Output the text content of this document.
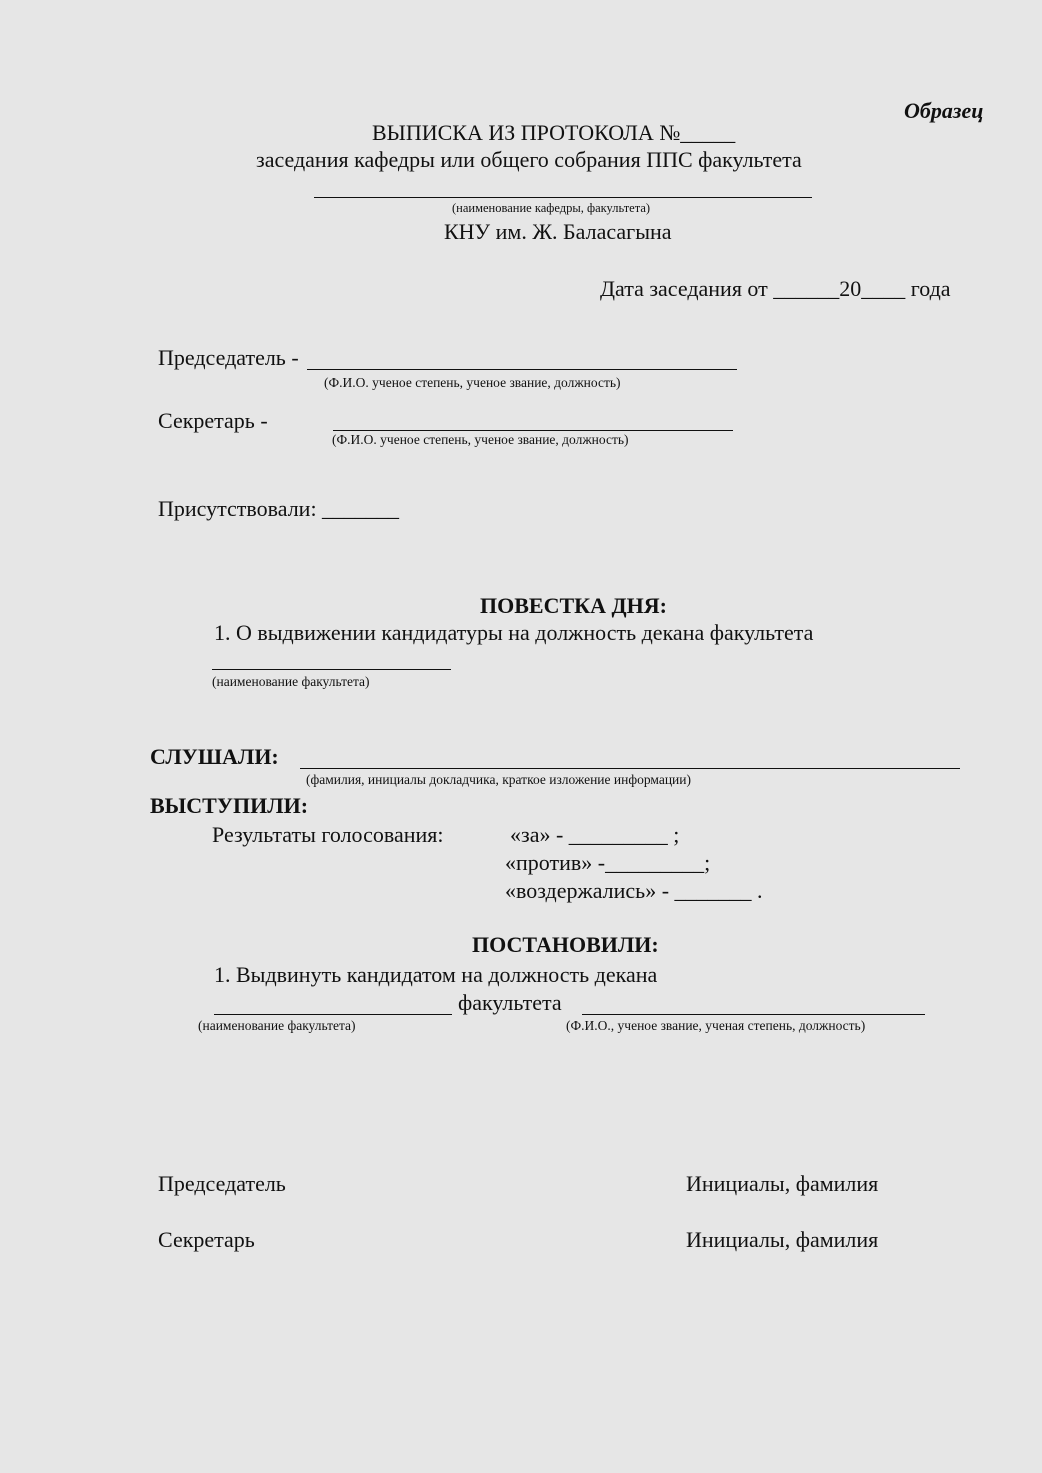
Образец
ВЫПИСКА ИЗ ПРОТОКОЛА №_____
заседания кафедры или общего собрания ППС факультета
(наименование кафедры, факультета)
КНУ им. Ж. Баласагына
Дата заседания от ______20____ года
Председатель -
(Ф.И.О. ученое степень, ученое звание, должность)
Секретарь -
(Ф.И.О. ученое степень, ученое звание, должность)
Присутствовали: _______
ПОВЕСТКА ДНЯ:
1. О выдвижении кандидатуры на должность декана факультета
(наименование факультета)
СЛУШАЛИ:
(фамилия, инициалы докладчика, краткое изложение информации)
ВЫСТУПИЛИ:
Результаты голосования:	«за» - _________ ;
«против» -_________;
«воздержались» - _______ .
ПОСТАНОВИЛИ:
1. Выдвинуть кандидатом на должность декана
факультета
(наименование факультета)	(Ф.И.О., ученое звание, ученая степень, должность)
Председатель	Инициалы, фамилия
Секретарь	Инициалы, фамилия
